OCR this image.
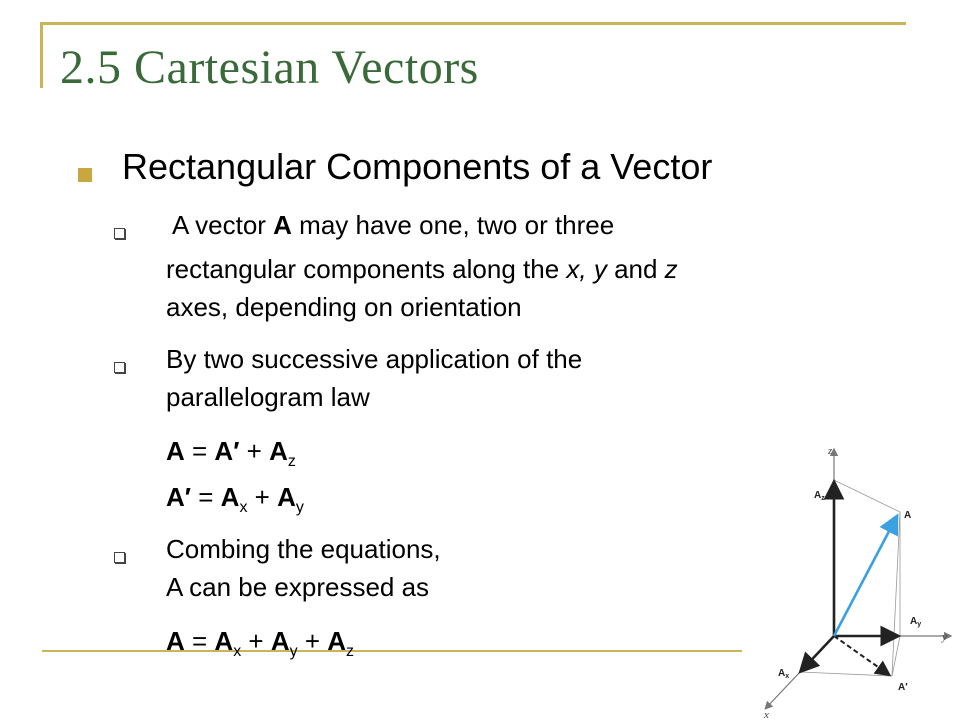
2.5 Cartesian Vectors
Rectangular Components of a Vector
A vector A may have one, two or three
rectangular components along the x, y and z
axes, depending on orientation
By two successive application of the
parallelogram law
$A = A' + A_z$
$A' = A_x + A_y$
Combing the equations,
A can be expressed as
$A = A_x + A_y + A_z$
z
y
x
$A_z$
A
$A_y$
$A_x$
A′
